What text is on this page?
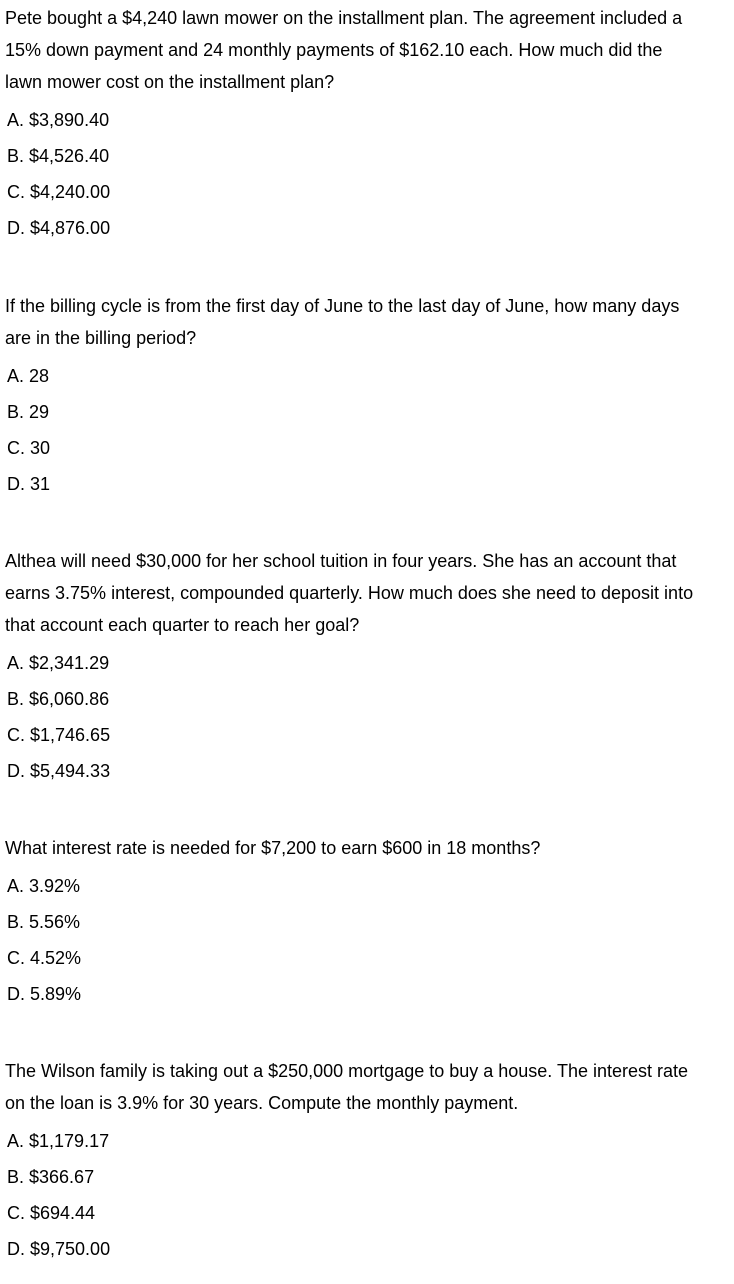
Pete bought a $4,240 lawn mower on the installment plan. The agreement included a 15% down payment and 24 monthly payments of $162.10 each. How much did the lawn mower cost on the installment plan?

A. $3,890.40
B. $4,526.40
C. $4,240.00
D. $4,876.00

If the billing cycle is from the first day of June to the last day of June, how many days are in the billing period?

A. 28
B. 29
C. 30
D. 31

Althea will need $30,000 for her school tuition in four years. She has an account that earns 3.75% interest, compounded quarterly. How much does she need to deposit into that account each quarter to reach her goal?

A. $2,341.29
B. $6,060.86
C. $1,746.65
D. $5,494.33

What interest rate is needed for $7,200 to earn $600 in 18 months?

A. 3.92%
B. 5.56%
C. 4.52%
D. 5.89%

The Wilson family is taking out a $250,000 mortgage to buy a house. The interest rate on the loan is 3.9% for 30 years. Compute the monthly payment.

A. $1,179.17
B. $366.67
C. $694.44
D. $9,750.00
